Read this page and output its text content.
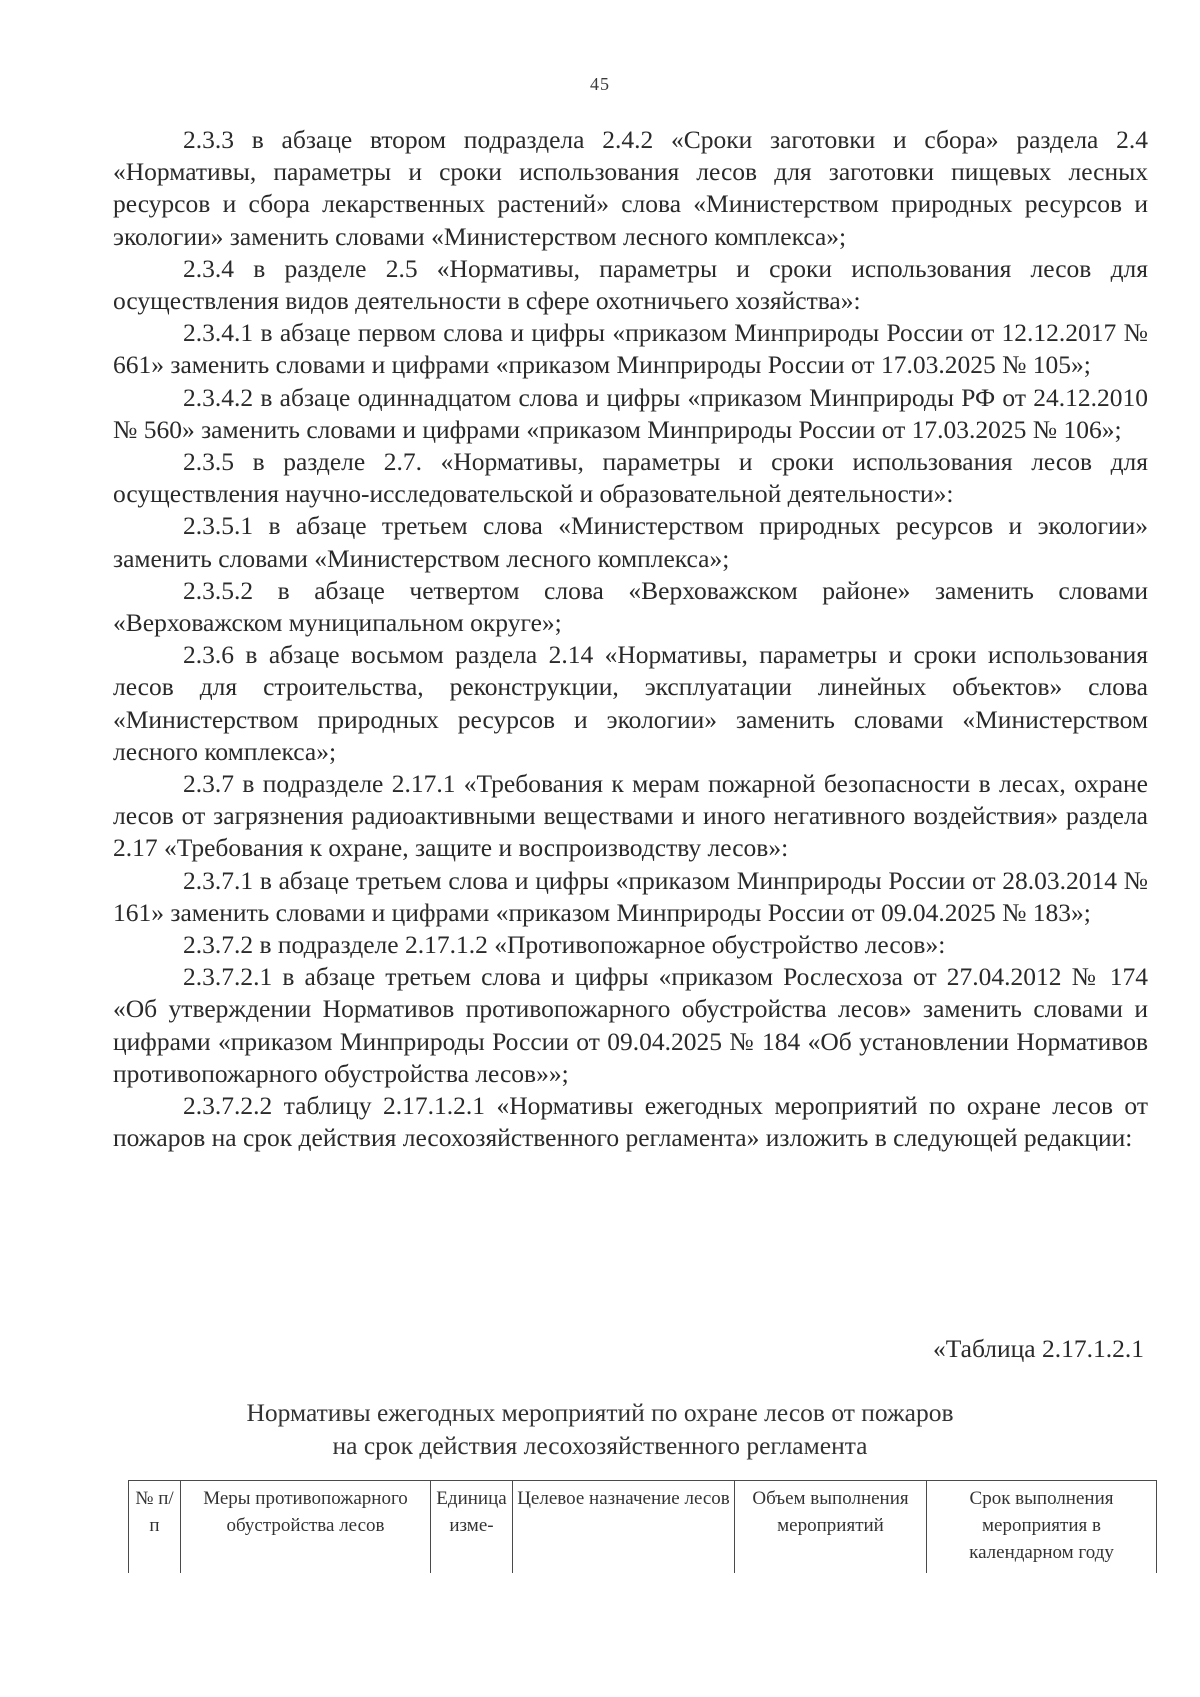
45

2.3.3 в абзаце втором подраздела 2.4.2 «Сроки заготовки и сбора» раздела 2.4 «Нормативы, параметры и сроки использования лесов для заготовки пищевых лесных ресурсов и сбора лекарственных растений» слова «Министерством природных ресурсов и экологии» заменить словами «Министерством лесного комплекса»;

2.3.4 в разделе 2.5 «Нормативы, параметры и сроки использования лесов для осуществления видов деятельности в сфере охотничьего хозяйства»:

2.3.4.1 в абзаце первом слова и цифры «приказом Минприроды России от 12.12.2017 № 661» заменить словами и цифрами «приказом Минприроды России от 17.03.2025 № 105»;

2.3.4.2 в абзаце одиннадцатом слова и цифры «приказом Минприроды РФ от 24.12.2010 № 560» заменить словами и цифрами «приказом Минприроды России от 17.03.2025 № 106»;

2.3.5 в разделе 2.7. «Нормативы, параметры и сроки использования лесов для осуществления научно-исследовательской и образовательной деятельности»:

2.3.5.1 в абзаце третьем слова «Министерством природных ресурсов и экологии» заменить словами «Министерством лесного комплекса»;

2.3.5.2 в абзаце четвертом слова «Верховажском районе» заменить словами «Верховажском муниципальном округе»;

2.3.6 в абзаце восьмом раздела 2.14 «Нормативы, параметры и сроки использования лесов для строительства, реконструкции, эксплуатации линейных объектов» слова «Министерством природных ресурсов и экологии» заменить словами «Министерством лесного комплекса»;

2.3.7 в подразделе 2.17.1 «Требования к мерам пожарной безопасности в лесах, охране лесов от загрязнения радиоактивными веществами и иного негативного воздействия» раздела 2.17 «Требования к охране, защите и воспроизводству лесов»:

2.3.7.1 в абзаце третьем слова и цифры «приказом Минприроды России от 28.03.2014 № 161» заменить словами и цифрами «приказом Минприроды России от 09.04.2025 № 183»;

2.3.7.2 в подразделе 2.17.1.2 «Противопожарное обустройство лесов»:

2.3.7.2.1 в абзаце третьем слова и цифры «приказом Рослесхоза от 27.04.2012 № 174 «Об утверждении Нормативов противопожарного обустройства лесов» заменить словами и цифрами «приказом Минприроды России от 09.04.2025 № 184 «Об установлении Нормативов противопожарного обустройства лесов»»;

2.3.7.2.2 таблицу 2.17.1.2.1 «Нормативы ежегодных мероприятий по охране лесов от пожаров на срок действия лесохозяйственного регламента» изложить в следующей редакции:

«Таблица 2.17.1.2.1
Нормативы ежегодных мероприятий по охране лесов от пожаров
на срок действия лесохозяйственного регламента
№ п/п	Меры противопожарного обустройства лесов	Единица изме-	Целевое назначение лесов	Объем выполнения мероприятий	Срок выполнения мероприятия в календарном году
